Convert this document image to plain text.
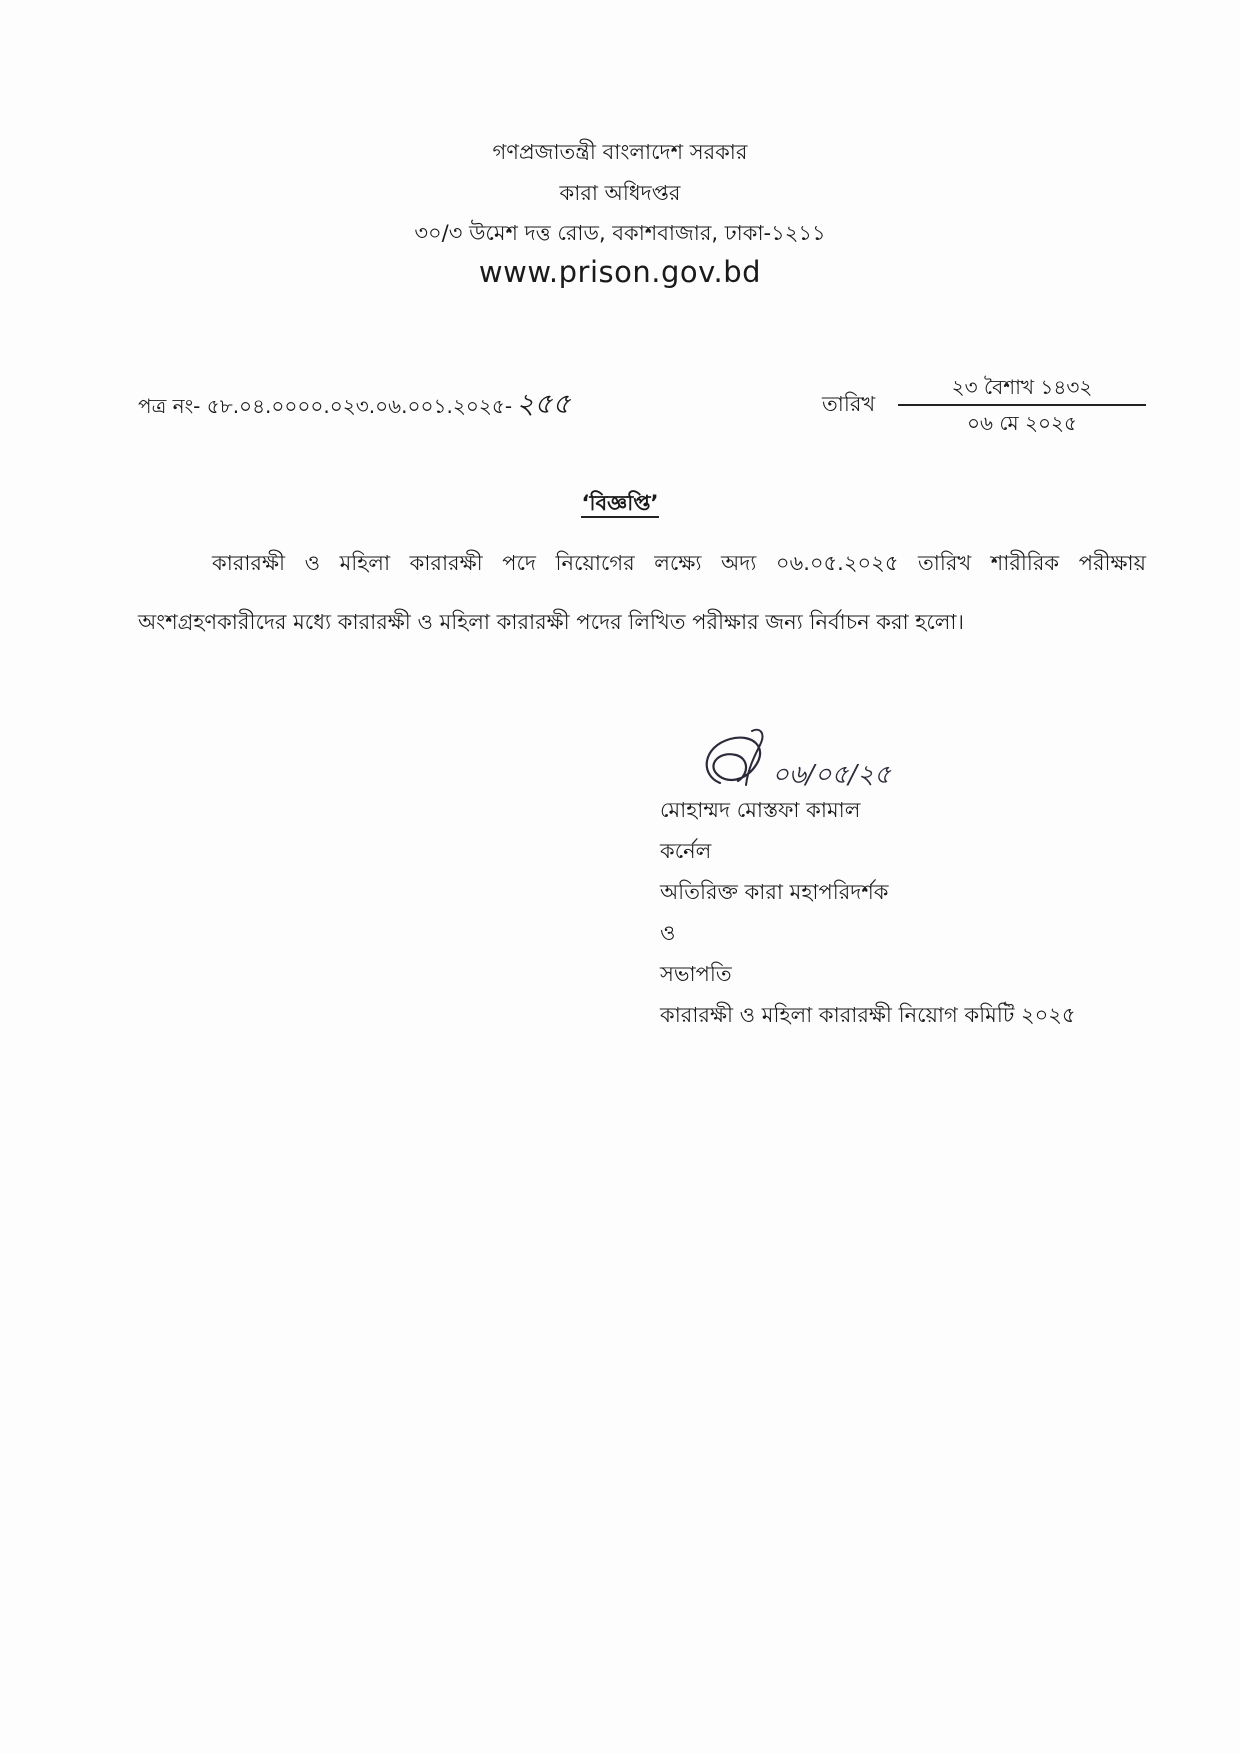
গণপ্রজাতন্ত্রী বাংলাদেশ সরকার
কারা অধিদপ্তর
৩০/৩ উমেশ দত্ত রোড, বকাশবাজার, ঢাকা-১২১১
www.prison.gov.bd
পত্র নং- ৫৮.০৪.০০০০.০২৩.০৬.০০১.২০২৫- ২৫৫	তারিখ
২৩ বৈশাখ ১৪৩২
০৬ মে ২০২৫
‘বিজ্ঞপ্তি’
কারারক্ষী ও মহিলা কারারক্ষী পদে নিয়োগের লক্ষ্যে অদ্য ০৬.০৫.২০২৫ তারিখ শারীরিক পরীক্ষায় অংশগ্রহণকারীদের মধ্যে কারারক্ষী ও মহিলা কারারক্ষী পদের লিখিত পরীক্ষার জন্য নির্বাচন করা হলো।
০৬/০৫/২৫
মোহাম্মদ মোস্তফা কামাল
কর্নেল
অতিরিক্ত কারা মহাপরিদর্শক
ও
সভাপতি
কারারক্ষী ও মহিলা কারারক্ষী নিয়োগ কমিটি ২০২৫
